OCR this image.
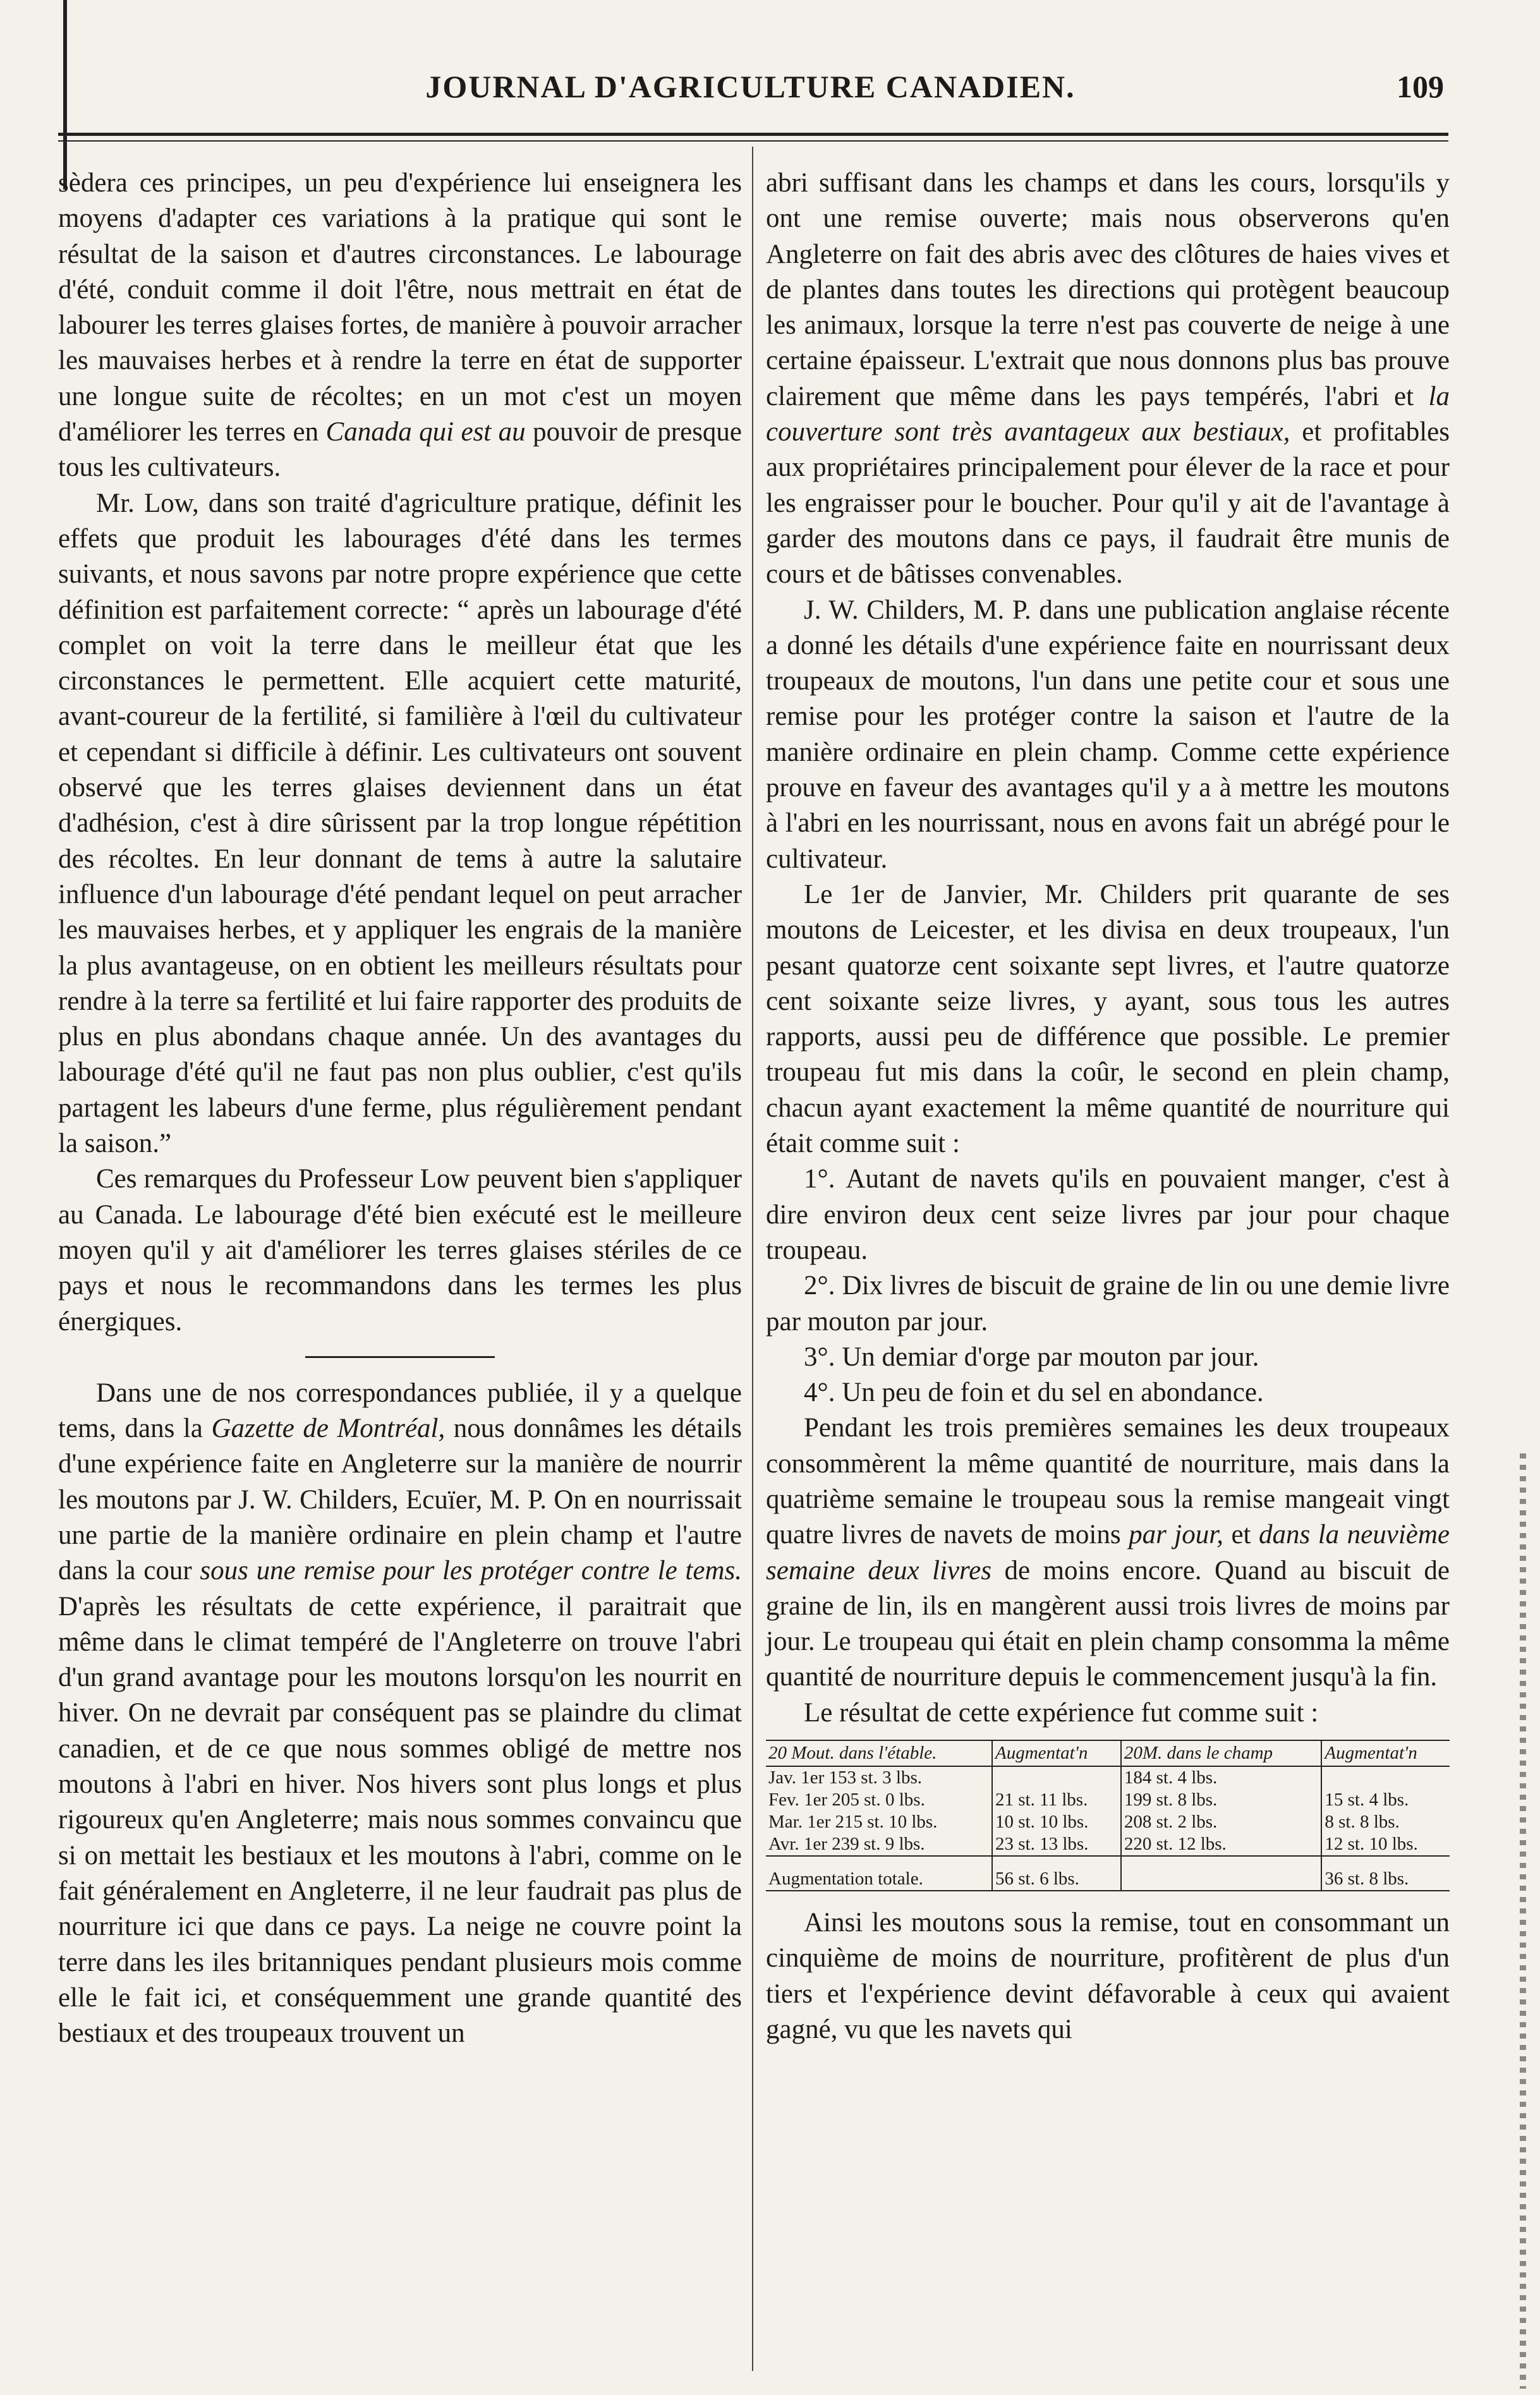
JOURNAL D'AGRICULTURE CANADIEN.	109

sèdera ces principes, un peu d'expérience lui enseignera les moyens d'adapter ces variations à la pratique qui sont le résultat de la saison et d'autres circonstances. Le labourage d'été, conduit comme il doit l'être, nous mettrait en état de labourer les terres glaises fortes, de manière à pouvoir arracher les mauvaises herbes et à rendre la terre en état de supporter une longue suite de récoltes; en un mot c'est un moyen d'améliorer les terres en Canada qui est au pouvoir de presque tous les cultivateurs.

Mr. Low, dans son traité d'agriculture pratique, définit les effets que produit les labourages d'été dans les termes suivants, et nous savons par notre propre expérience que cette définition est parfaitement correcte: “ après un labourage d'été complet on voit la terre dans le meilleur état que les circonstances le permettent. Elle acquiert cette maturité, avant-coureur de la fertilité, si familière à l'œil du cultivateur et cependant si difficile à définir. Les cultivateurs ont souvent observé que les terres glaises deviennent dans un état d'adhésion, c'est à dire sûrissent par la trop longue répétition des récoltes. En leur donnant de tems à autre la salutaire influence d'un labourage d'été pendant lequel on peut arracher les mauvaises herbes, et y appliquer les engrais de la manière la plus avantageuse, on en obtient les meilleurs résultats pour rendre à la terre sa fertilité et lui faire rapporter des produits de plus en plus abondans chaque année. Un des avantages du labourage d'été qu'il ne faut pas non plus oublier, c'est qu'ils partagent les labeurs d'une ferme, plus régulièrement pendant la saison.”

Ces remarques du Professeur Low peuvent bien s'appliquer au Canada. Le labourage d'été bien exécuté est le meilleure moyen qu'il y ait d'améliorer les terres glaises stériles de ce pays et nous le recommandons dans les termes les plus énergiques.

Dans une de nos correspondances publiée, il y a quelque tems, dans la Gazette de Montréal, nous donnâmes les détails d'une expérience faite en Angleterre sur la manière de nourrir les moutons par J. W. Childers, Ecuïer, M. P. On en nourrissait une partie de la manière ordinaire en plein champ et l'autre dans la cour sous une remise pour les protéger contre le tems. D'après les résultats de cette expérience, il paraitrait que même dans le climat tempéré de l'Angleterre on trouve l'abri d'un grand avantage pour les moutons lorsqu'on les nourrit en hiver. On ne devrait par conséquent pas se plaindre du climat canadien, et de ce que nous sommes obligé de mettre nos moutons à l'abri en hiver. Nos hivers sont plus longs et plus rigoureux qu'en Angleterre; mais nous sommes convaincu que si on mettait les bestiaux et les moutons à l'abri, comme on le fait généralement en Angleterre, il ne leur faudrait pas plus de nourriture ici que dans ce pays. La neige ne couvre point la terre dans les iles britanniques pendant plusieurs mois comme elle le fait ici, et conséquemment une grande quantité des bestiaux et des troupeaux trouvent un

abri suffisant dans les champs et dans les cours, lorsqu'ils y ont une remise ouverte; mais nous observerons qu'en Angleterre on fait des abris avec des clôtures de haies vives et de plantes dans toutes les directions qui protègent beaucoup les animaux, lorsque la terre n'est pas couverte de neige à une certaine épaisseur. L'extrait que nous donnons plus bas prouve clairement que même dans les pays tempérés, l'abri et la couverture sont très avantageux aux bestiaux, et profitables aux propriétaires principalement pour élever de la race et pour les engraisser pour le boucher. Pour qu'il y ait de l'avantage à garder des moutons dans ce pays, il faudrait être munis de cours et de bâtisses convenables.

J. W. Childers, M. P. dans une publication anglaise récente a donné les détails d'une expérience faite en nourrissant deux troupeaux de moutons, l'un dans une petite cour et sous une remise pour les protéger contre la saison et l'autre de la manière ordinaire en plein champ. Comme cette expérience prouve en faveur des avantages qu'il y a à mettre les moutons à l'abri en les nourrissant, nous en avons fait un abrégé pour le cultivateur.

Le 1er de Janvier, Mr. Childers prit quarante de ses moutons de Leicester, et les divisa en deux troupeaux, l'un pesant quatorze cent soixante sept livres, et l'autre quatorze cent soixante seize livres, y ayant, sous tous les autres rapports, aussi peu de différence que possible. Le premier troupeau fut mis dans la coûr, le second en plein champ, chacun ayant exactement la même quantité de nourriture qui était comme suit :

1°. Autant de navets qu'ils en pouvaient manger, c'est à dire environ deux cent seize livres par jour pour chaque troupeau.

2°. Dix livres de biscuit de graine de lin ou une demie livre par mouton par jour.

3°. Un demiar d'orge par mouton par jour.

4°. Un peu de foin et du sel en abondance.

Pendant les trois premières semaines les deux troupeaux consommèrent la même quantité de nourriture, mais dans la quatrième semaine le troupeau sous la remise mangeait vingt quatre livres de navets de moins par jour, et dans la neuvième semaine deux livres de moins encore. Quand au biscuit de graine de lin, ils en mangèrent aussi trois livres de moins par jour. Le troupeau qui était en plein champ consomma la même quantité de nourriture depuis le commencement jusqu'à la fin.

Le résultat de cette expérience fut comme suit :

20 Mout. dans l'étable.	Augmentat'n	20M. dans le champ	Augmentat'n
Jav. 1er 153 st. 3 lbs.		184 st. 4 lbs.	
Fev. 1er 205 st. 0 lbs.	21 st. 11 lbs.	199 st. 8 lbs.	15 st. 4 lbs.
Mar. 1er 215 st. 10 lbs.	10 st. 10 lbs.	208 st. 2 lbs.	8 st. 8 lbs.
Avr. 1er 239 st. 9 lbs.	23 st. 13 lbs.	220 st. 12 lbs.	12 st. 10 lbs.
Augmentation totale.	56 st. 6 lbs.		36 st. 8 lbs.

Ainsi les moutons sous la remise, tout en consommant un cinquième de moins de nourriture, profitèrent de plus d'un tiers et l'expérience devint défavorable à ceux qui avaient gagné, vu que les navets qui
